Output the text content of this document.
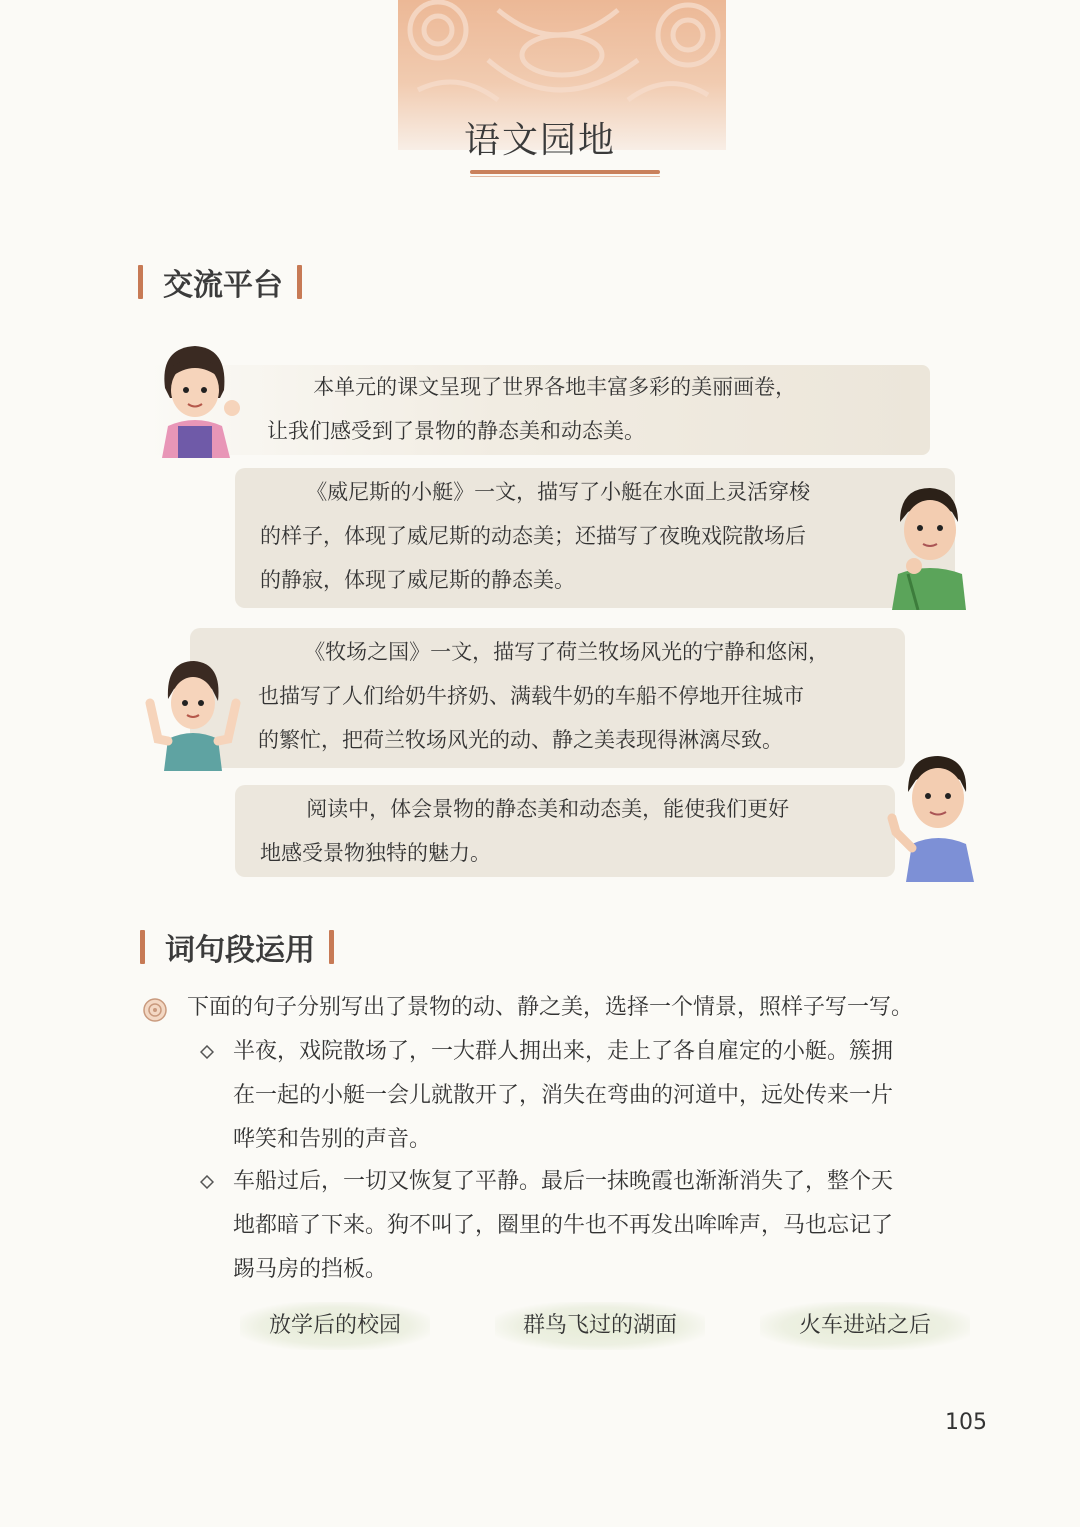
语文园地
交流平台

本单元的课文呈现了世界各地丰富多彩的美丽画卷，

让我们感受到了景物的静态美和动态美。

《威尼斯的小艇》一文，描写了小艇在水面上灵活穿梭

的样子，体现了威尼斯的动态美；还描写了夜晚戏院散场后

的静寂，体现了威尼斯的静态美。

《牧场之国》一文，描写了荷兰牧场风光的宁静和悠闲，

也描写了人们给奶牛挤奶、满载牛奶的车船不停地开往城市

的繁忙，把荷兰牧场风光的动、静之美表现得淋漓尽致。

阅读中，体会景物的静态美和动态美，能使我们更好

地感受景物独特的魅力。

词句段运用
下面的句子分别写出了景物的动、静之美，选择一个情景，照样子写一写。
半夜，戏院散场了，一大群人拥出来，走上了各自雇定的小艇。簇拥
在一起的小艇一会儿就散开了，消失在弯曲的河道中，远处传来一片
哗笑和告别的声音。
车船过后，一切又恢复了平静。最后一抹晚霞也渐渐消失了，整个天
地都暗了下来。狗不叫了，圈里的牛也不再发出哞哞声，马也忘记了
踢马房的挡板。
放学后的校园	群鸟飞过的湖面	火车进站之后
105
